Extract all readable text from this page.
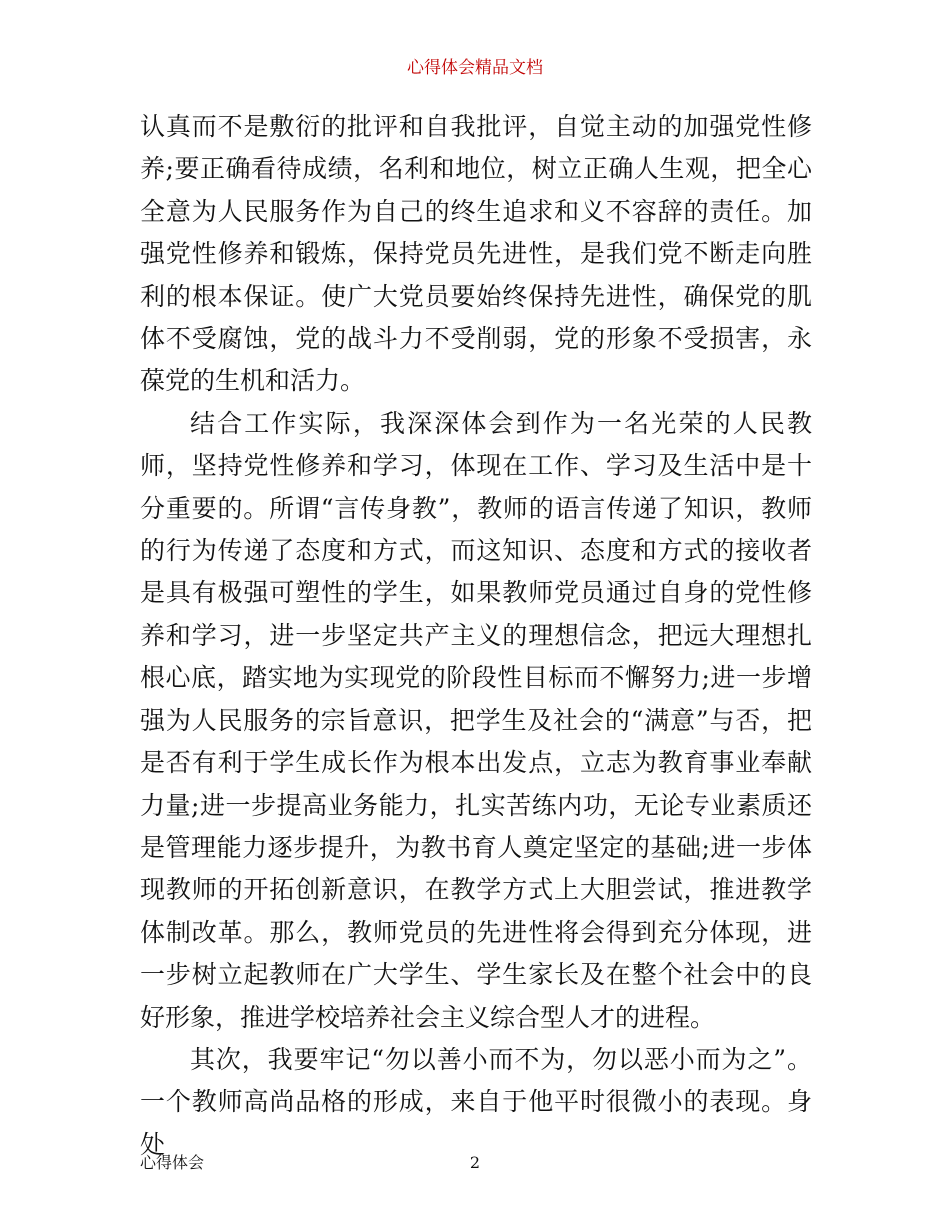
心得体会精品文档

认真而不是敷衍的批评和自我批评，自觉主动的加强党性修养;要正确看待成绩，名利和地位，树立正确人生观，把全心全意为人民服务作为自己的终生追求和义不容辞的责任。加强党性修养和锻炼，保持党员先进性，是我们党不断走向胜利的根本保证。使广大党员要始终保持先进性，确保党的肌体不受腐蚀，党的战斗力不受削弱，党的形象不受损害，永葆党的生机和活力。

结合工作实际，我深深体会到作为一名光荣的人民教师，坚持党性修养和学习，体现在工作、学习及生活中是十分重要的。所谓“言传身教”，教师的语言传递了知识，教师的行为传递了态度和方式，而这知识、态度和方式的接收者是具有极强可塑性的学生，如果教师党员通过自身的党性修养和学习，进一步坚定共产主义的理想信念，把远大理想扎根心底，踏实地为实现党的阶段性目标而不懈努力;进一步增强为人民服务的宗旨意识，把学生及社会的“满意”与否，把是否有利于学生成长作为根本出发点，立志为教育事业奉献力量;进一步提高业务能力，扎实苦练内功，无论专业素质还是管理能力逐步提升，为教书育人奠定坚定的基础;进一步体现教师的开拓创新意识，在教学方式上大胆尝试，推进教学体制改革。那么，教师党员的先进性将会得到充分体现，进一步树立起教师在广大学生、学生家长及在整个社会中的良好形象，推进学校培养社会主义综合型人才的进程。

其次，我要牢记“勿以善小而不为，勿以恶小而为之”。一个教师高尚品格的形成，来自于他平时很微小的表现。身处

心得体会	2
